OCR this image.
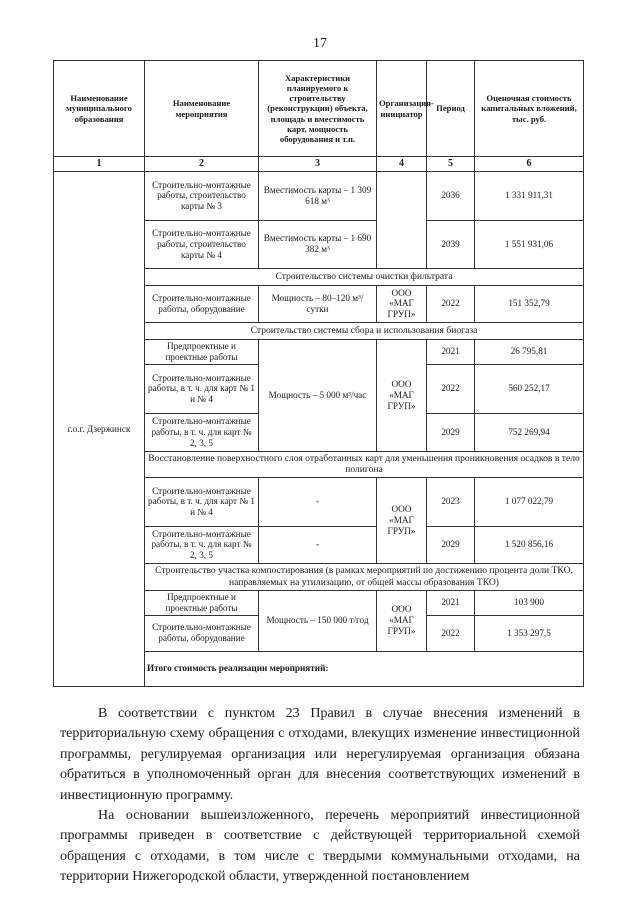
17
Наименование муниципального образования	Наименование мероприятия	Характеристики планируемого к строительству (реконструкции) объекта, площадь и вместимость карт, мощность оборудования и т.п.	Организация-инициатор	Период	Оценочная стоимость капитальных вложений, тыс. руб.	
1	2	3	4	5	6	
г.о.г. Дзержинск	Строительно-монтажные работы, строительство карты № 3	Вместимость карты – 1 309 618 м³		2036	1 331 911,31	
	Строительно-монтажные работы, строительство карты № 4	Вместимость карты – 1 690 382 м³		2039	1 551 931,06	
	Строительство системы очистки фильтрата					
	Строительно-монтажные работы, оборудование	Мощность – 80–120 м³/сутки	ООО «МАГ ГРУП»	2022	151 352,79	
	Строительство системы сбора и использования биогаза					
	Предпроектные и проектные работы	Мощность – 5 000 м³/час	ООО «МАГ ГРУП»	2021	26 795,81	
	Строительно-монтажные работы, в т. ч. для карт № 1 и № 4			2022	560 252,17	
	Строительно-монтажные работы, в т. ч. для карт № 2, 3, 5			2029	752 269,94	
	Восстановление поверхностного слоя отработанных карт для уменьшения проникновения осадков в тело полигона					
	Строительно-монтажные работы, в т. ч. для карт № 1 и № 4	-	ООО «МАГ ГРУП»	2023	1 077 022,79	
	Строительно-монтажные работы, в т. ч. для карт № 2, 3, 5	-		2029	1 520 856,16	
	Строительство участка компостирования (в рамках мероприятий по достижению процента доли ТКО, направляемых на утилизацию, от общей массы образования ТКО)					
	Предпроектные и проектные работы	Мощность – 150 000 т/год	ООО «МАГ ГРУП»	2021	103 900	
	Строительно-монтажные работы, оборудование			2022	1 353 297,5	
	Итого стоимость реализации мероприятий:	

В соответствии с пунктом 23 Правил в случае внесения изменений в территориальную схему обращения с отходами, влекущих изменение инвестиционной программы, регулируемая организация или нерегулируемая организация обязана обратиться в уполномоченный орган для внесения соответствующих изменений в инвестиционную программу.

На основании вышеизложенного, перечень мероприятий инвестиционной программы приведен в соответствие с действующей территориальной схемой обращения с отходами, в том числе с твердыми коммунальными отходами, на территории Нижегородской области, утвержденной постановлением
